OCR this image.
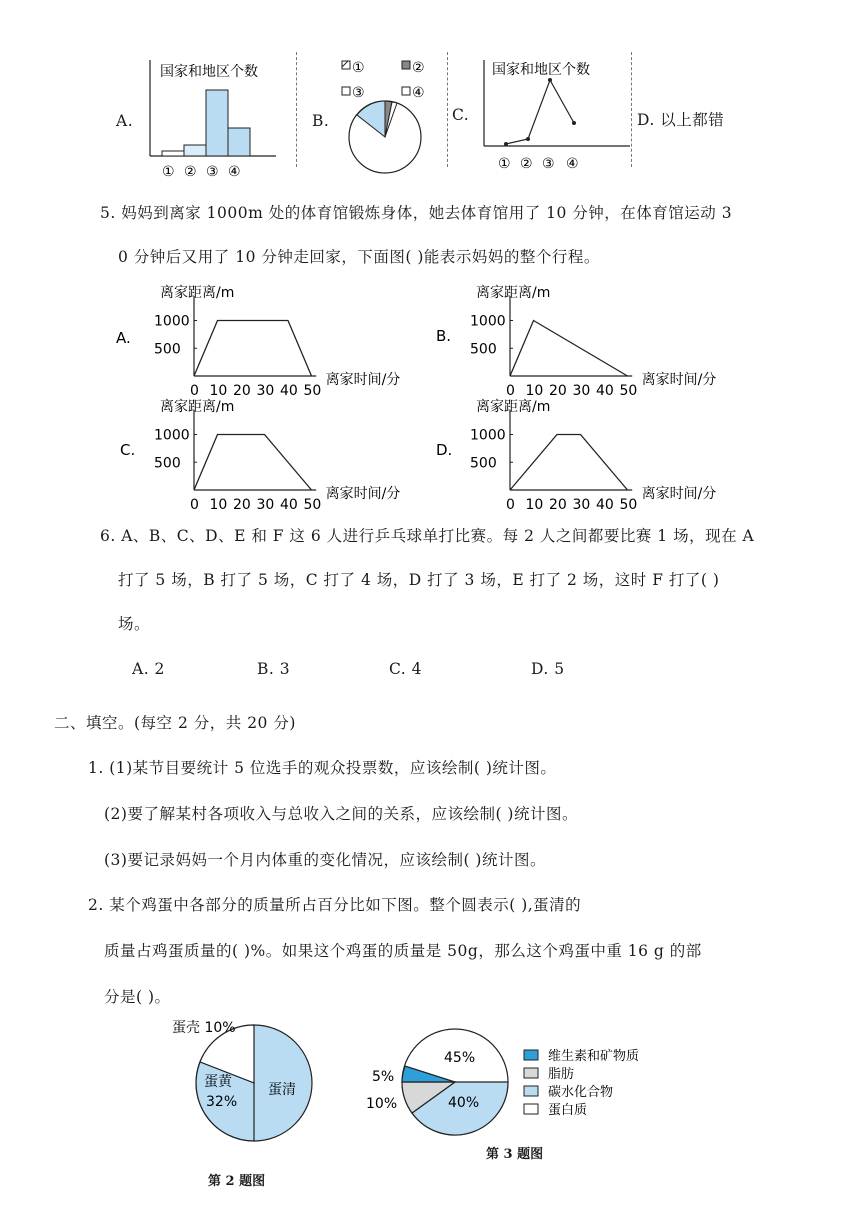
A.
国家和地区个数
① ② ③ ④
B.
①	②
③	④
C.
国家和地区个数
① ② ③ ④
D. 以上都错
5. 妈妈到离家 1000m 处的体育馆锻炼身体，她去体育馆用了 10 分钟，在体育馆运动 3
0 分钟后又用了 10 分钟走回家，下面图( )能表示妈妈的整个行程。
A.
离家距离/m
离家时间/分
1000
500
0 10 20 30 40 50
B.
离家距离/m
离家时间/分
1000
500
0 10 20 30 40 50
C.
离家距离/m
离家时间/分
1000
500
0 10 20 30 40 50
D.
离家距离/m
离家时间/分
1000
500
0 10 20 30 40 50
6. A、B、C、D、E 和 F 这 6 人进行乒乓球单打比赛。每 2 人之间都要比赛 1 场，现在 A
打了 5 场，B 打了 5 场，C 打了 4 场，D 打了 3 场，E 打了 2 场，这时 F 打了( )
场。
A. 2	B. 3	C. 4	D. 5
二、填空。(每空 2 分，共 20 分)
1. (1)某节目要统计 5 位选手的观众投票数，应该绘制( )统计图。
(2)要了解某村各项收入与总收入之间的关系，应该绘制( )统计图。
(3)要记录妈妈一个月内体重的变化情况，应该绘制( )统计图。
2. 某个鸡蛋中各部分的质量所占百分比如下图。整个圆表示( ),蛋清的
质量占鸡蛋质量的( )%。如果这个鸡蛋的质量是 50g，那么这个鸡蛋中重 16 g 的部
分是( )。
蛋壳 10%
蛋黄
32%
蛋清
第 2 题图
45%
5%
10%	40%
维生素和矿物质
脂肪
碳水化合物
蛋白质
第 3 题图
